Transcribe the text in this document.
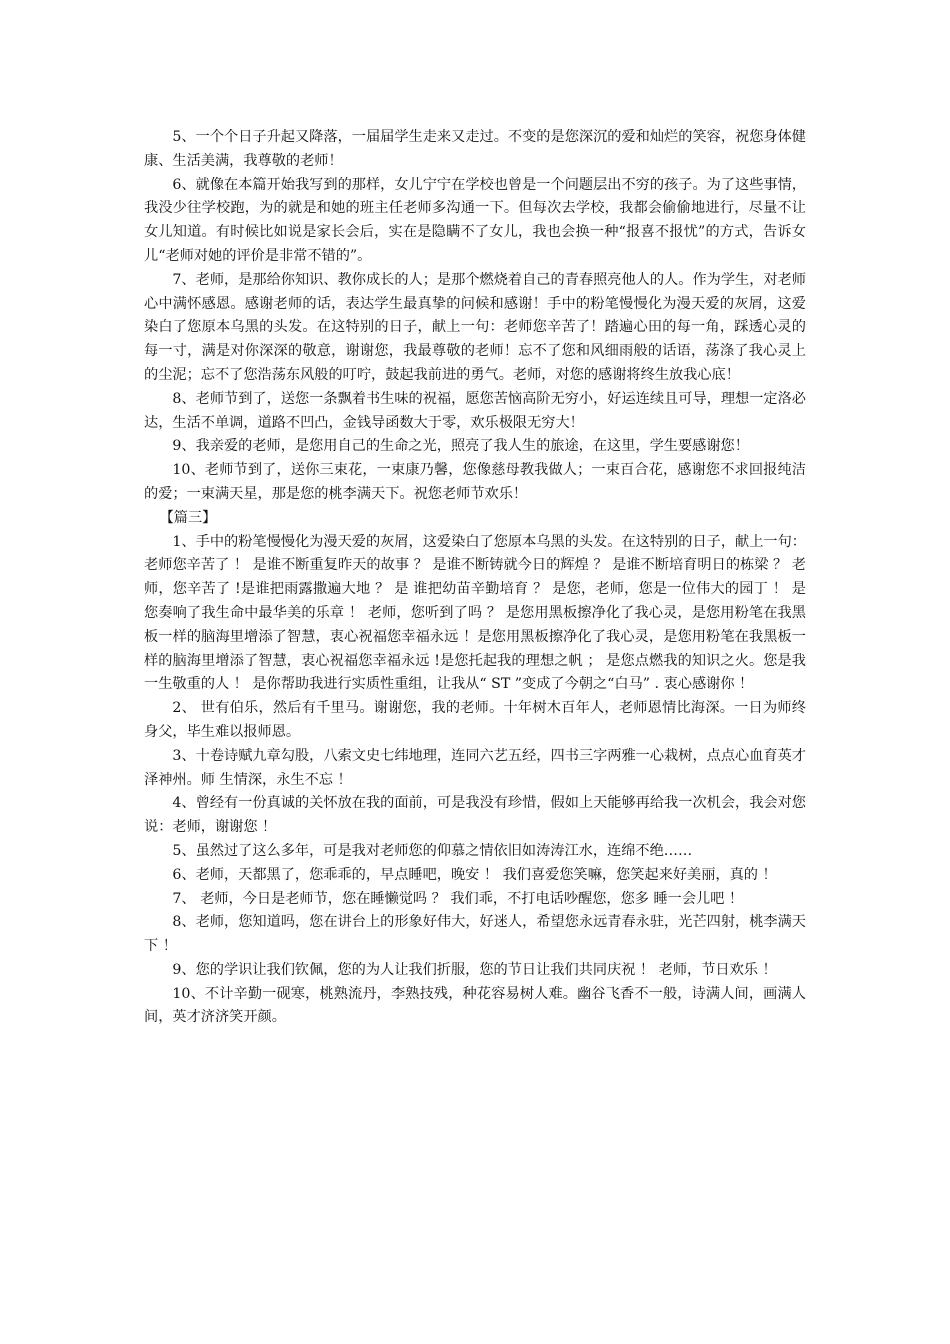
5、一个个日子升起又降落，一届届学生走来又走过。不变的是您深沉的爱和灿烂的笑容，祝您身体健康、生活美满，我尊敬的老师！

6、就像在本篇开始我写到的那样，女儿宁宁在学校也曾是一个问题层出不穷的孩子。为了这些事情，我没少往学校跑，为的就是和她的班主任老师多沟通一下。但每次去学校，我都会偷偷地进行，尽量不让女儿知道。有时候比如说是家长会后，实在是隐瞒不了女儿，我也会换一种“报喜不报忧”的方式，告诉女儿“老师对她的评价是非常不错的”。

7、老师，是那给你知识、教你成长的人；是那个燃烧着自己的青春照亮他人的人。作为学生，对老师心中满怀感恩。感谢老师的话，表达学生最真挚的问候和感谢！手中的粉笔慢慢化为漫天爱的灰屑，这爱染白了您原本乌黑的头发。在这特别的日子，献上一句：老师您辛苦了！踏遍心田的每一角，踩透心灵的每一寸，满是对你深深的敬意，谢谢您，我最尊敬的老师！忘不了您和风细雨般的话语，荡涤了我心灵上的尘泥；忘不了您浩荡东风般的叮咛，鼓起我前进的勇气。老师，对您的感谢将终生放我心底！

8、老师节到了，送您一条飘着书生味的祝福，愿您苦恼高阶无穷小，好运连续且可导，理想一定洛必达，生活不单调，道路不凹凸，金钱导函数大于零，欢乐极限无穷大！

9、我亲爱的老师，是您用自己的生命之光，照亮了我人生的旅途，在这里，学生要感谢您！

10、老师节到了，送你三束花，一束康乃馨，您像慈母教我做人；一束百合花，感谢您不求回报纯洁的爱；一束满天星，那是您的桃李满天下。祝您老师节欢乐！

【篇三】

1、手中的粉笔慢慢化为漫天爱的灰屑，这爱染白了您原本乌黑的头发。在这特别的日子，献上一句：老师您辛苦了 ！ 是谁不断重复昨天的故事 ？ 是谁不断铸就今日的辉煌 ？ 是谁不断培育明日的栋梁 ？ 老师，您辛苦了 !是谁把雨露撒遍大地 ？ 是 谁把幼苗辛勤培育 ？ 是您，老师，您是一位伟大的园丁 ！ 是您奏响了我生命中最华美的乐章 ！ 老师，您听到了吗 ？ 是您用黑板擦净化了我心灵，是您用粉笔在我黑板一样的脑海里增添了智慧，衷心祝福您幸福永远 ！是您用黑板擦净化了我心灵，是您用粉笔在我黑板一样的脑海里增添了智慧，衷心祝福您幸福永远 !是您托起我的理想之帆 ； 是您点燃我的知识之火。您是我一生敬重的人 ！ 是你帮助我进行实质性重组，让我从“ ST ”变成了今朝之“白马” . 衷心感谢你 ！

2、 世有伯乐，然后有千里马。谢谢您，我的老师。十年树木百年人，老师恩情比海深。一日为师终 身父，毕生难以报师恩。

3、十卷诗赋九章勾股，八索文史七纬地理，连同六艺五经，四书三字两雅一心栽树，点点心血育英才泽神州。师 生情深，永生不忘 ！

4、曾经有一份真诚的关怀放在我的面前，可是我没有珍惜，假如上天能够再给我一次机会，我会对您说：老师，谢谢您 ！

5、虽然过了这么多年，可是我对老师您的仰慕之情依旧如涛涛江水，连绵不绝……

6、老师，天都黑了，您乖乖的，早点睡吧，晚安 ！ 我们喜爱您笑嘛，您笑起来好美丽，真的 ！

7、 老师，今日是老师节，您在睡懒觉吗 ？ 我们乖，不打电话吵醒您，您多 睡一会儿吧 ！

8、老师，您知道吗，您在讲台上的形象好伟大，好迷人，希望您永远青春永驻，光芒四射，桃李满天下 ！

9、您的学识让我们钦佩，您的为人让我们折服，您的节日让我们共同庆祝 ！ 老师，节日欢乐 ！

10、不计辛勤一砚寒，桃熟流丹，李熟技残，种花容易树人难。幽谷飞香不一般，诗满人间，画满人间，英才济济笑开颜。
